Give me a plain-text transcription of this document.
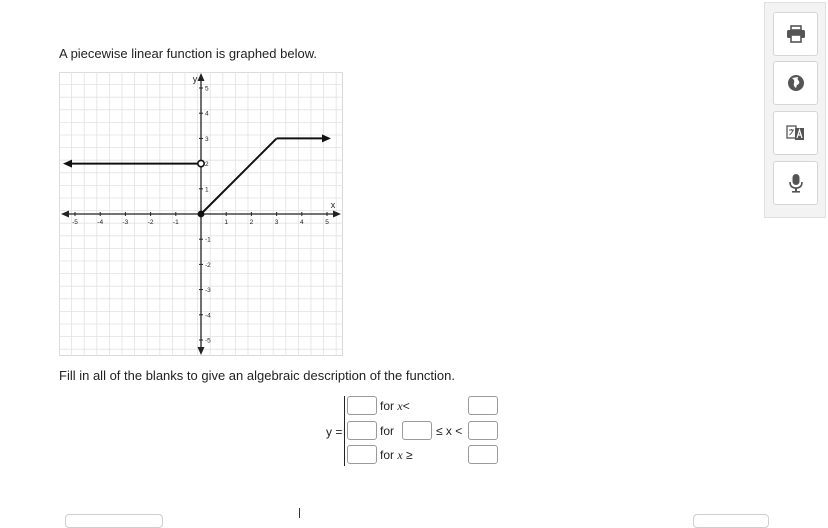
A piecewise linear function is graphed below.
x
y
-5	-4	-3	-2	-1	1	2	3	4	5
5
4
3
2
1
-1
-2
-3
-4
-5
Fill in all of the blanks to give an algebraic description of the function.
y =
for x<
for	≤ x <
for x ≥
